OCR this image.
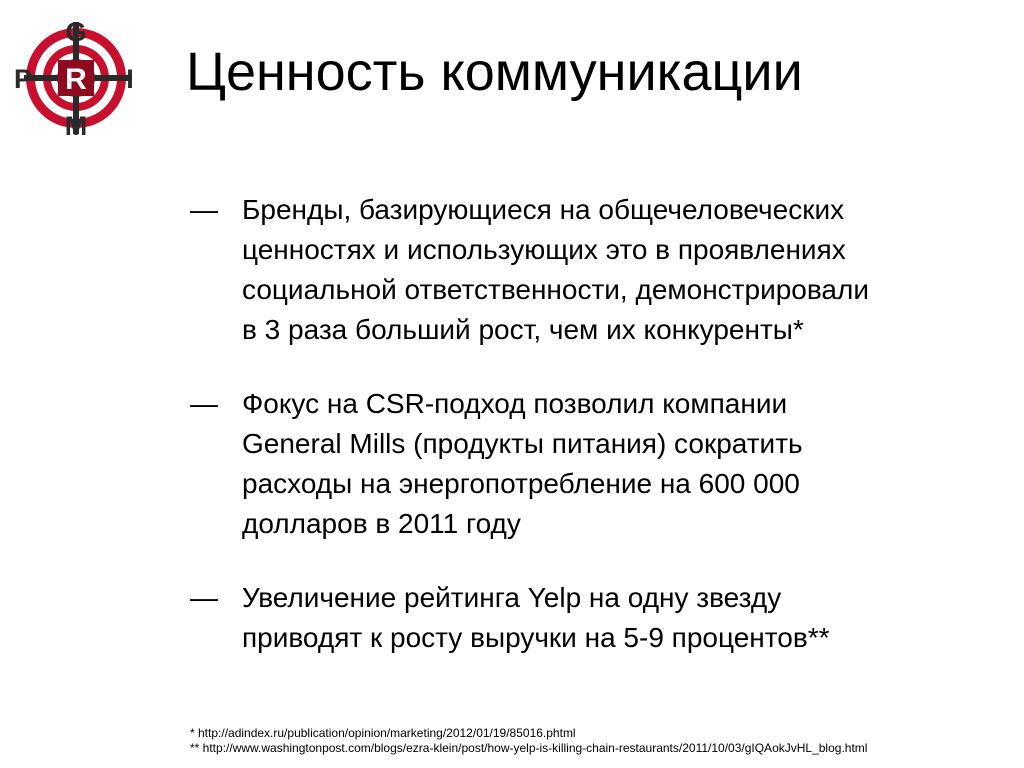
G
P R I
M
Ценность коммуникации
— Бренды, базирующиеся на общечеловеческих
ценностях и использующих это в проявлениях
социальной ответственности, демонстрировали
в 3 раза больший рост, чем их конкуренты*
— Фокус на CSR-подход позволил компании
General Mills (продукты питания) сократить
расходы на энергопотребление на 600 000
долларов в 2011 году
— Увеличение рейтинга Yelp на одну звезду
приводят к росту выручки на 5-9 процентов**
* http://adindex.ru/publication/opinion/marketing/2012/01/19/85016.phtml
** http://www.washingtonpost.com/blogs/ezra-klein/post/how-yelp-is-killing-chain-restaurants/2011/10/03/gIQAokJvHL_blog.html
